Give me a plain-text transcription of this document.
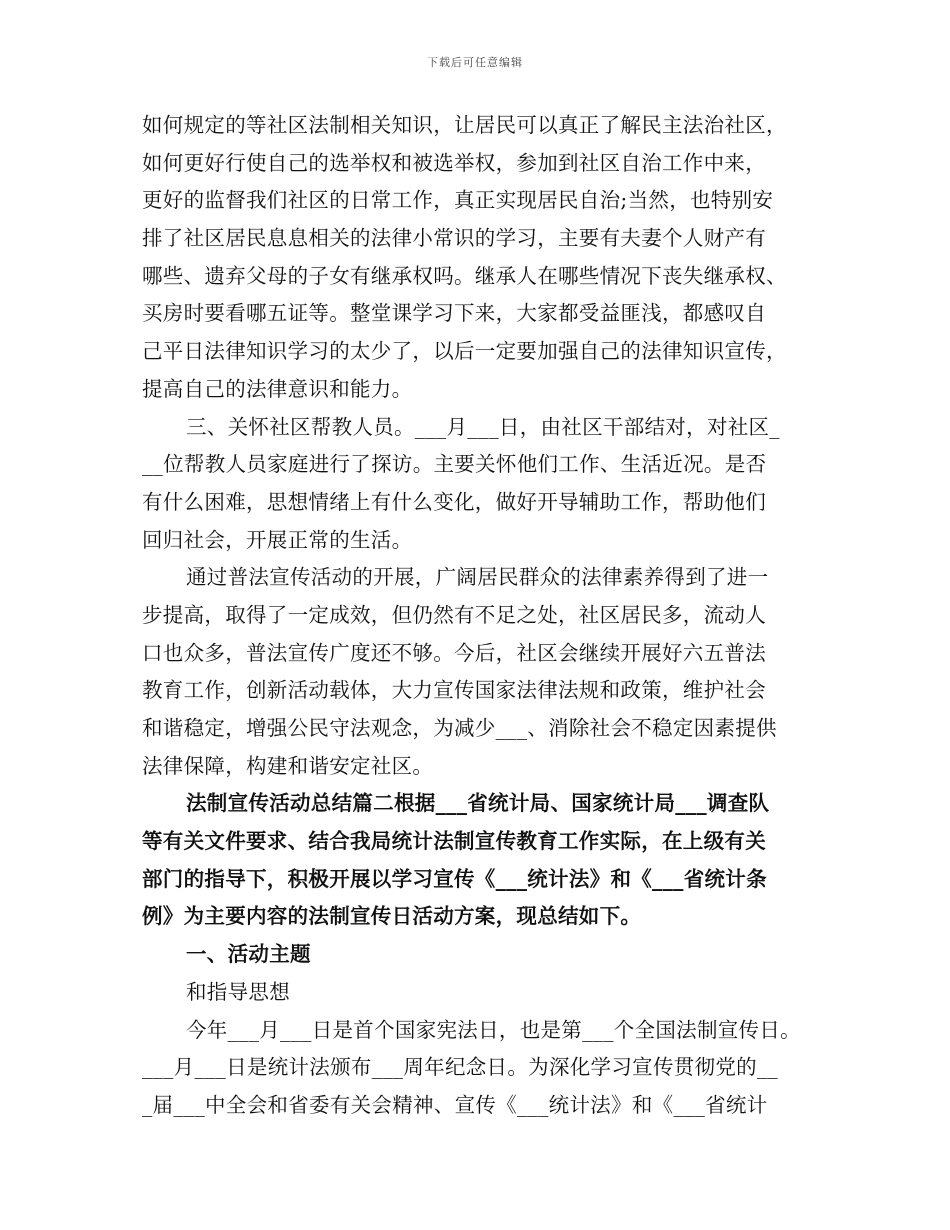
下载后可任意编辑
如何规定的等社区法制相关知识，让居民可以真正了解民主法治社区，
如何更好行使自己的选举权和被选举权，参加到社区自治工作中来，
更好的监督我们社区的日常工作，真正实现居民自治;当然，也特别安
排了社区居民息息相关的法律小常识的学习，主要有夫妻个人财产有
哪些、遗弃父母的子女有继承权吗。继承人在哪些情况下丧失继承权、
买房时要看哪五证等。整堂课学习下来，大家都受益匪浅，都感叹自
己平日法律知识学习的太少了，以后一定要加强自己的法律知识宣传，
提高自己的法律意识和能力。
三、关怀社区帮教人员。___月___日，由社区干部结对，对社区_
__位帮教人员家庭进行了探访。主要关怀他们工作、生活近况。是否
有什么困难，思想情绪上有什么变化，做好开导辅助工作，帮助他们
回归社会，开展正常的生活。
通过普法宣传活动的开展，广阔居民群众的法律素养得到了进一
步提高，取得了一定成效，但仍然有不足之处，社区居民多，流动人
口也众多，普法宣传广度还不够。今后，社区会继续开展好六五普法
教育工作，创新活动载体，大力宣传国家法律法规和政策，维护社会
和谐稳定，增强公民守法观念，为减少___、消除社会不稳定因素提供
法律保障，构建和谐安定社区。
法制宣传活动总结篇二根据___省统计局、国家统计局___调查队
等有关文件要求、结合我局统计法制宣传教育工作实际，在上级有关
部门的指导下，积极开展以学习宣传《___统计法》和《___省统计条
例》为主要内容的法制宣传日活动方案，现总结如下。
一、活动主题
和指导思想
今年___月___日是首个国家宪法日，也是第___个全国法制宣传日。
___月___日是统计法颁布___周年纪念日。为深化学习宣传贯彻党的__
_届___中全会和省委有关会精神、宣传《___统计法》和《___省统计
